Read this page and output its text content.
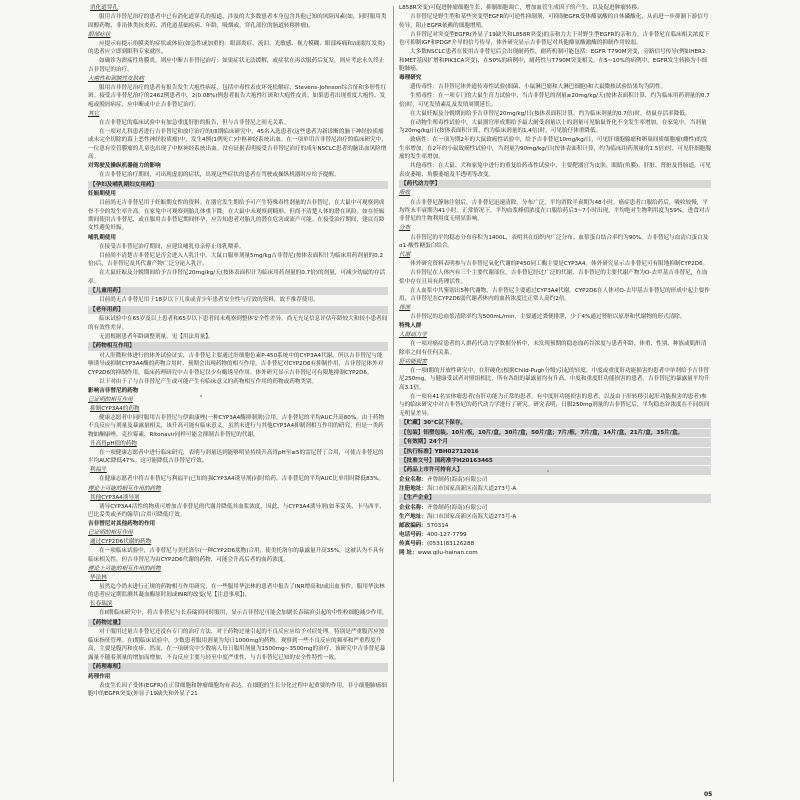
消化道穿孔
服用吉非替尼治疗的患者中已有消化道穿孔的报道，涉及的大多数患者本身包含其他已知的风险因素(如，同时服用类固醇药物、非甾体类抗炎药、消化道基础疾病、年龄、吸烟或、穿孔部位的肠道转移肿瘤)。
眼部症状
应提示有提示角膜炎的症状或体征(如急性或加重的：眼部炎症、流泪、光敏感、视力模糊、眼部疼痛和/或眼红发炎)的患者应立即到眼科专家就医。
如确诊为溃疡性角膜炎，则应中断吉非替尼治疗；如果症状无法缓解，或症状在再次服药后复发，则应考虑永久终止吉非替尼的治疗。
大疱性和剥脱性皮肤病
服用吉非替尼治疗的患者有报告发生大疱性病症，包括中毒性表皮坏死松解症、Stevens-Johnson综合征和多形性红斑。接受吉非替尼治疗的2462例患者中，2(0.08%)例患者报告大疱性红斑和大疱性皮炎。如果患者出现重度大疱性、发疱或脱屑病症，应中断或中止吉非替尼治疗。
其它
在吉非替尼的临床试验中有加急重度肝脏的报告，但与吉非替尼之间无关系。
在一项对儿科患者进行吉非替尼和放疗治疗的I/II期临床研究中，45名入选患者(这些患者为新诊断的脑干神经胶质瘤或未完全切除的幕上恶性神经胶质瘤)中，发生4例(1例死亡)中枢神经系统出血。在一项单用吉非替尼治疗的临床研究中，一位患有室管膜瘤的儿童也出现了中枢神经系统出血。没有证据表明接受吉非替尼治疗的成年NSCLC患者的脑出血风险增高。
对驾驶及操纵机器能力的影响
在吉非替尼治疗期间，可出现虚弱的症状，出现这些症状的患者在驾驶或操纵机器时应给予提醒。
【孕妇及哺乳期妇女用药】
妊娠期使用
目前尚无吉非替尼用于妊娠期女性的资料。在器官发生期给予可产生特殊毒性剂量的吉非替尼，在大鼠中可观察到成骨不全的发生率升高。在家兔中可观察到胎儿体重下降。在大鼠中未观察到畸形。但尚不清楚人体的潜在风险。如在妊娠期间使用吉非替尼，或在服用吉非替尼期间怀孕，应告知患者对胎儿的潜在危害或流产可能。在接受治疗期间，建议育龄女性避免妊娠。
哺乳期使用
在接受吉非替尼治疗期间，应建议哺乳母亲停止母乳喂养。
目前尚不清楚吉非替尼是否会进入人乳汁中。大鼠口服单剂量5mg/kg吉非替尼(按体表面积计为临床用药剂量的0.2倍)后，吉非替尼及其代谢产物广泛分泌入乳汁。
在大鼠妊娠及分娩期间给予吉非替尼20mg/kg/天(按体表面积计为临床用药剂量的0.7倍)的剂量，可减少幼鼠的存活率。
【儿童用药】
目前尚无吉非替尼用于18岁以下儿童或青少年患者安全性与疗效的资料，故不推荐使用。
【老年用药】
临床试验中在65岁及以上患者和65岁以下患者间未观察到整体安全性差异。尚无充足信息评估年龄较大和较小患者间的有效性差异。
无需根据患者年龄调整剂量。见【用法用量】。
【药物相互作用】
对人肝微粒体进行的体外试验证实，吉非替尼主要通过肝细胞色素P-450系统中的CYP3A4代谢。所以吉非替尼与能够诱导或抑制CYP3A4酶的药物合用时，预期会出现药物的相互作用。吉非替尼对CYP2D6有抑制作用，吉非替尼体外对CYP2D6的抑制作用，临床药理研究中吉非替尼仅少有酶诱导作用。体外研究显示吉非替尼可有限地抑制CYP2D6。
以下对由于了与吉非替尼产生或可能产生有临床意义的药物相互作用的药物或药物类别。
影响吉非替尼的药物
已证明的相互作用
抑制CYP3A4的药物
健康志愿者中同时服用吉非替尼与伊曲康唑(一种CYP3A4酶抑制剂)合用，吉非替尼的平均AUC升高80%。由于药物不良反应与剂量及暴露量相关，该升高可能有临床意义。虽然未进行与其他CYP3A4抑制剂相互作用的研究，但是一类药物如酮康唑、克拉霉素、Ritonavir同样可能会抑制吉非替尼的代谢。
升高胃pH值的药物
在一项健康志愿者中进行临床研究，表明与剂量达到能够明显持续升高胃pH至≥5的雷尼替丁合用，可使吉非替尼的平均AUC降低47%。这可能降低吉非替尼疗效。
利福平
在健康志愿者中将吉非替尼与利福平(已知的强CYP3A4诱导剂)同时给药，吉非替尼的平均AUC比单用时降低83%。
理论上可能的相互作用的药物
其他CYP3A4诱导剂
诱导CYP3A4活性的物质可增加吉非替尼的代谢并降低其血浆浓度，因此，与CYP3A4诱导剂(如苯妥英、卡马西平、巴比妥类或圣约翰草)合用可降低疗效。
吉非替尼对其他药物的作用
已证明的相互作用
通过CYP2D6代谢的药物
在一项临床试验中，吉非替尼与美托洛尔(一种CYP2D6底物)合用，使美托洛尔的暴露量升高35%。这被认为不具有临床相关性，但吉非替尼为由CYP2D6代谢的药物，可能会升高后者的血药浓度。
理论上可能的相互作用的药物
华法林
虽然迄今尚未进行正规的药物相互作用研究，在一些服用华法林的患者中报告了INR增高和/或出血事件。服用华法林的患者应定期监测其凝血酶原时间或INR的改变(见【注意事项】)。
长春瑞滨
在II期临床研究中，将吉非替尼与长春瑞滨同时服用，显示吉非替尼可能会加剧长春瑞滨引起的中性粒细胞减少作用。
【药物过量】
对于服用过量吉非替尼还没有专门的治疗方法，对于药物过量引起的不良反应应给予对症处理。特别是严重腹泻应按临床指征管理。在I期临床试验中，少数患者服用剂量为每日1000mg的药物。观察到一些不良反应的频率和严重程度升高，主要是腹泻和皮疹。然而，在一项研究中少数病人每日服用剂量为1500mg~3500mg的治疗，该研究中吉非替尼暴露量不随着剂量的增加而增加，不良反应主要与轻至中度严重性，与吉非替尼已知的安全性特性一致。
【药理毒理】
药理作用
表皮生长因子受体(EGFR)在正常细胞和肿瘤细胞均有表达。在细胞的生长分化过程中起重要的作用。非小细胞肺癌细胞中的EGFR突变(外显子19缺失和外显子21
L858R突变)可促进肿瘤细胞生长，抑制细胞凋亡，增加血管生成因子的产生，以及促进肿瘤转移。
吉非替尼是野生型和某些突变型EGFR的可逆性抑制剂，可抑制EGFR受体酪氨酸的自体磷酸化，从而进一步抑制下游信号传导，阻止EGFR依赖的细胞增殖。
吉非替尼对突变型EGFR(外显子19缺失和L858R突变)的亲和力大于对野生型EGFR的亲和力。吉非替尼在临床相关浓度下也可抑制IGF和PDGF介导的信号传导，体外研究显示吉非替尼对其他酪氨酸激酶的抑制作用较弱。
大多数NSCLC患者在使用吉非替尼后会出现耐药性，耐药机制可能包括：EGFR T790M突变，旁路信号传导(例如HER2和MET基因扩增和PIK3CA突变)，在50%的病例中，耐药性与T790M突变相关。在5~10%的病例中，EGFR发生转换为小细胞肺癌。
毒理研究
遗传毒性：吉非替尼体外遗传毒性试验(细菌、小鼠淋巴瘤和人淋巴细胞)和大鼠微核试验结果均为阴性。
生殖毒性：在一项专门的大鼠生育力试验中，当吉非替尼的剂量≥20mg/kg/天(按体表面积计算，约为临床用药剂量的0.7倍)时，可见发情素乱及发情周期延长。
在大鼠妊娠及分娩期间给予吉非替尼20mg/kg/日(按体表面积计算，约为临床剂量的0.7倍)时，幼鼠存活率降低。
在动物生殖毒性试验中，大鼠器官形成期给予最大耐受剂量以上的剂量可见胎鼠骨化不全发生率增加。在家兔中，当剂量为20mg/kg/日(按体表面积计算，约为临床剂量的1.4倍)时，可见胎仔体重降低。
致癌性：在一项为期2年的大鼠致癌性试验中，给予吉非替尼10mg/kg/日，可见肝细胞腺瘤和卵巢间质细胞瘤(雌性)的发生率增加。在2年的小鼠致癌性试验中，当剂量为90mg/kg/日(按体表面积计算，约为临床用药剂量的1.5倍)时，可见肝细胞腺瘤的发生率增加。
其他毒性：在大鼠、犬和家兔中进行的重复给药毒性试验中，主要靶器官为皮肤、眼睛(角膜)、肝脏、肾脏及胃肠道，可见表皮萎缩、角膜萎缩及半透明等改变。
【药代动力学】
吸收
在吉非替尼静脉注射后，吉非替尼迅速清除，分布广泛，平均消除半衰期为48小时。癌症患者口服给药后，吸收较慢，平均终末半衰期为41小时。正常情况下，平均血浆峰值浓度在口服给药后3~7小时出现，平均绝对生物利用度为59%。进食对吉非替尼的生物利用度无明显影响。
分布
吉非替尼的平均稳态分布容积为1400L，表明其在组织内广泛分布。血浆蛋白结合率约为90%。吉非替尼与血清白蛋白及α1-酸性糖蛋白结合。
代谢
体外研究资料表明参与吉非替尼氧化代谢的P450同工酶主要是CYP3A4。体外研究显示吉非替尼可有限地抑制CYP2D6。
吉非替尼在人体内有三个主要代谢部位，吉非替尼经过广泛的代谢，吉非替尼的主要代谢产物为O-去甲基吉非替尼，在血浆中存在且具有药理活性。
在人血浆中共鉴别出5种代谢物，吉非替尼主要通过CYP3A4代谢。CYP2D6在人体对O-去甲基吉非替尼的形成中起主要作用，吉非替尼在CYP2D6弱代谢者体内的血药浓度比正常人高约2倍。
排泄
吉非替尼的总血浆清除率约为500mL/min，主要通过粪便排泄，少于4%通过肾脏以原形和代谢物的形式清除。
特殊人群
人群动力学
在一项对癌症患者的人群药代动力学数据分析中，未发现预期的稳态血药谷浓度与患者年龄、体重、性别、种族或肌酐清除率之间有任何关系。
肝功能损害
在一项I期的开放性研究中，在肝硬化(根据Child-Pugh分级)引起的轻度、中度或重度肝功能损害的患者中单剂给予吉非替尼250mg，与健康受试者对照组相比，所有各组的暴露量均有升高。中度和重度肝功能损害的患者，吉非替尼的暴露量平均升高3.1倍。
在一项有41名实体瘤患者(有肝功能为正常的患者，有中度肝功能损害的患者，以及由于肝转移引起肝功能损害的患者)参与的临床研究中对吉非替尼的药代动力学进行了研究。研究表明，日服250mg剂量的吉非替尼后，平均稳态谷浓度在不同组间无明显差异。
【贮藏】30°C以下保存。
【包装】铝塑包装。10片/板，10片/盒，30片/盒，50片/盒；7片/板，7片/盒，14片/盒，21片/盒，35片/盒。
【有效期】24个月
【执行标准】YBH02712016
【批准文号】国药准字H20163465
【药品上市许可持有人】
企业名称：齐鲁制药(海南)有限公司
注册地址：海口市国家高新区南海大道273号-A
【生产企业】
企业名称：齐鲁制药(海南)有限公司
生产地址：海口市国家高新区南海大道273号-A
邮政编码：570314
电话号码：400-127-7799
传真号码：(0531)83126288
网 址：www.qilu-hainan.com
05
